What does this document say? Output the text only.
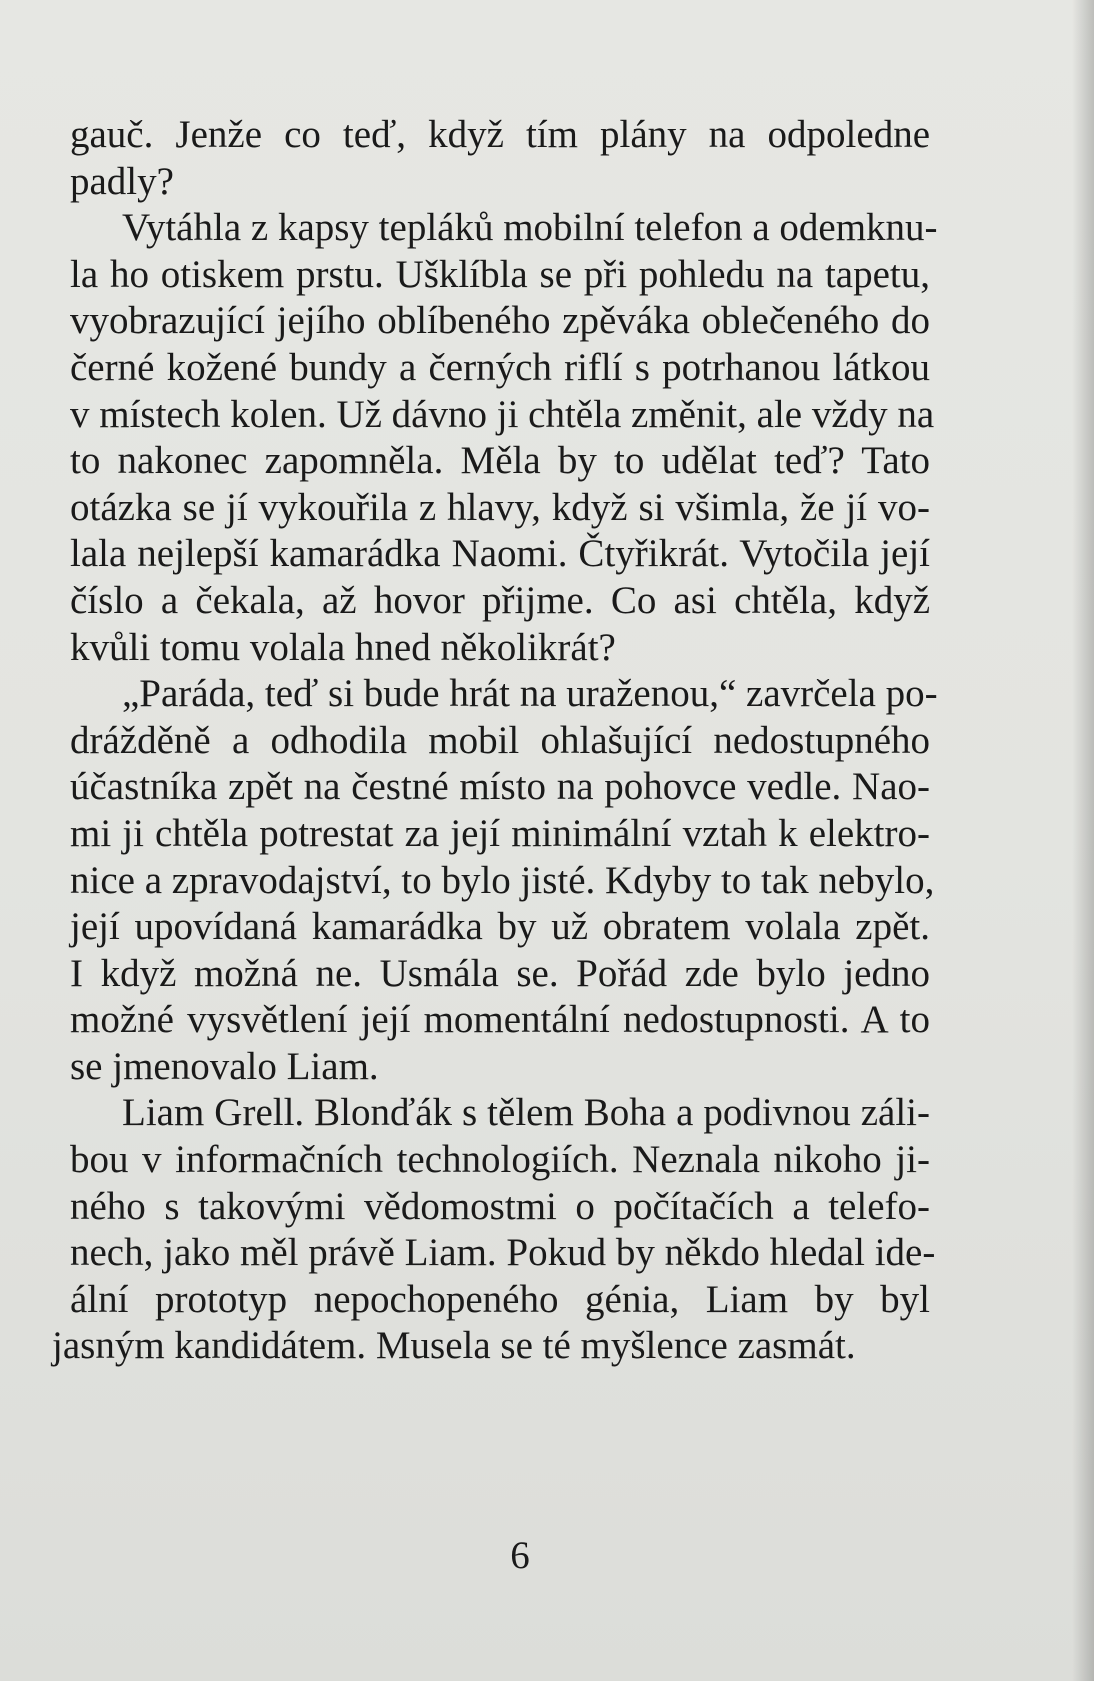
gauč. Jenže co teď, když tím plány na odpoledne
padly?
Vytáhla z kapsy tepláků mobilní telefon a odemknu-
la ho otiskem prstu. Ušklíbla se při pohledu na tapetu,
vyobrazující jejího oblíbeného zpěváka oblečeného do
černé kožené bundy a černých riflí s potrhanou látkou
v místech kolen. Už dávno ji chtěla změnit, ale vždy na
to nakonec zapomněla. Měla by to udělat teď? Tato
otázka se jí vykouřila z hlavy, když si všimla, že jí vo-
lala nejlepší kamarádka Naomi. Čtyřikrát. Vytočila její
číslo a čekala, až hovor přijme. Co asi chtěla, když
kvůli tomu volala hned několikrát?
„Paráda, teď si bude hrát na uraženou,“ zavrčela po-
drážděně a odhodila mobil ohlašující nedostupného
účastníka zpět na čestné místo na pohovce vedle. Nao-
mi ji chtěla potrestat za její minimální vztah k elektro-
nice a zpravodajství, to bylo jisté. Kdyby to tak nebylo,
její upovídaná kamarádka by už obratem volala zpět.
I když možná ne. Usmála se. Pořád zde bylo jedno
možné vysvětlení její momentální nedostupnosti. A to
se jmenovalo Liam.
Liam Grell. Blonďák s tělem Boha a podivnou záli-
bou v informačních technologiích. Neznala nikoho ji-
ného s takovými vědomostmi o počítačích a telefo-
nech, jako měl právě Liam. Pokud by někdo hledal ide-
ální prototyp nepochopeného génia, Liam by byl
jasným kandidátem. Musela se té myšlence zasmát.
6
